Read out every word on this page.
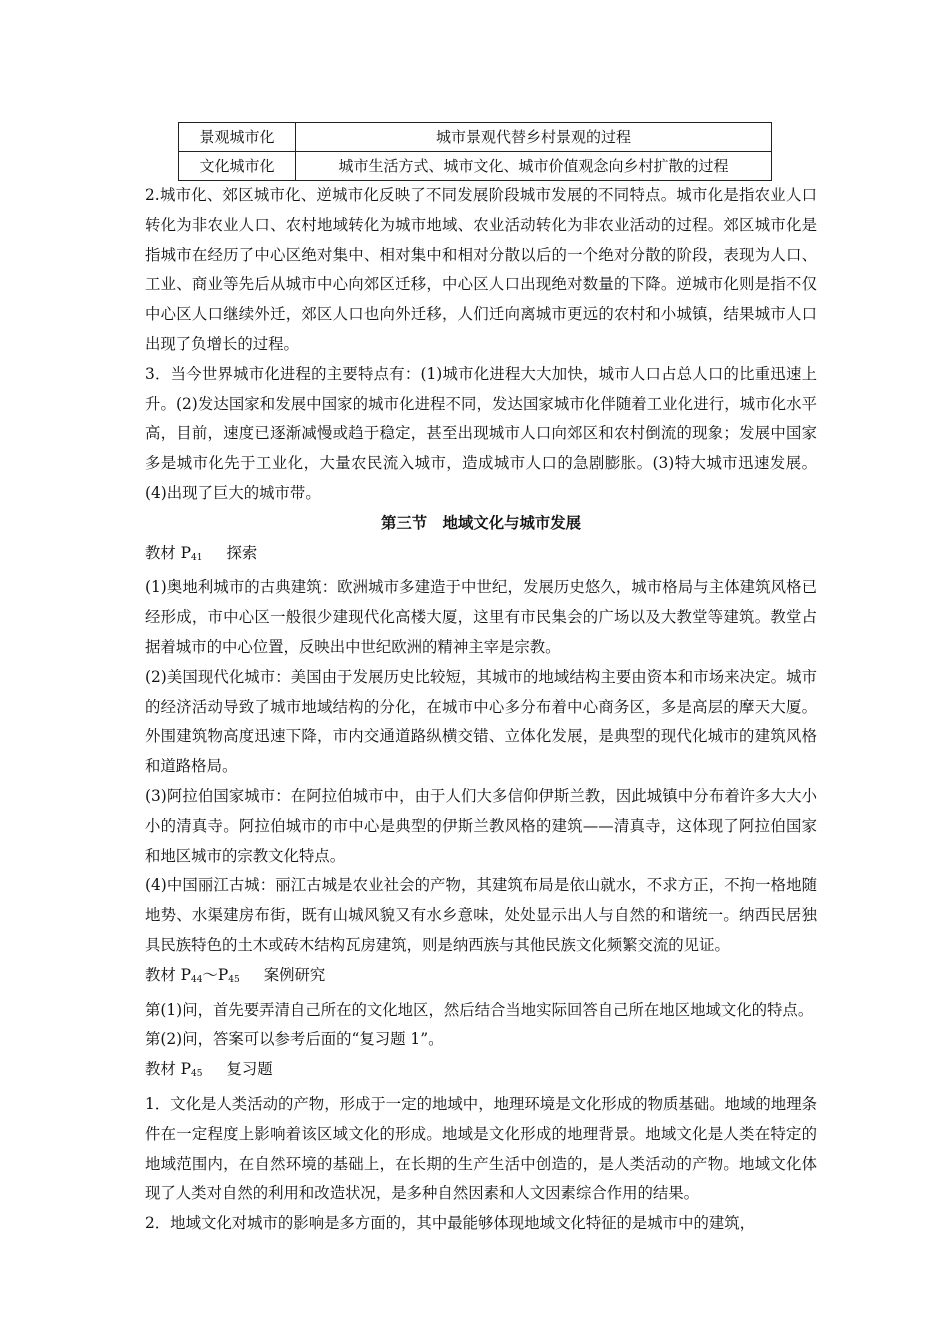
景观城市化	城市景观代替乡村景观的过程
文化城市化	城市生活方式、城市文化、城市价值观念向乡村扩散的过程

2.城市化、郊区城市化、逆城市化反映了不同发展阶段城市发展的不同特点。城市化是指农业人口转化为非农业人口、农村地域转化为城市地域、农业活动转化为非农业活动的过程。郊区城市化是指城市在经历了中心区绝对集中、相对集中和相对分散以后的一个绝对分散的阶段，表现为人口、工业、商业等先后从城市中心向郊区迁移，中心区人口出现绝对数量的下降。逆城市化则是指不仅中心区人口继续外迁，郊区人口也向外迁移，人们迁向离城市更远的农村和小城镇，结果城市人口出现了负增长的过程。

3．当今世界城市化进程的主要特点有：(1)城市化进程大大加快，城市人口占总人口的比重迅速上升。(2)发达国家和发展中国家的城市化进程不同，发达国家城市化伴随着工业化进行，城市化水平高，目前，速度已逐渐减慢或趋于稳定，甚至出现城市人口向郊区和农村倒流的现象；发展中国家多是城市化先于工业化，大量农民流入城市，造成城市人口的急剧膨胀。(3)特大城市迅速发展。(4)出现了巨大的城市带。

第三节　地域文化与城市发展
教材 $P_{41}$ 探索

(1)奥地利城市的古典建筑：欧洲城市多建造于中世纪，发展历史悠久，城市格局与主体建筑风格已经形成，市中心区一般很少建现代化高楼大厦，这里有市民集会的广场以及大教堂等建筑。教堂占据着城市的中心位置，反映出中世纪欧洲的精神主宰是宗教。

(2)美国现代化城市：美国由于发展历史比较短，其城市的地域结构主要由资本和市场来决定。城市的经济活动导致了城市地域结构的分化，在城市中心多分布着中心商务区，多是高层的摩天大厦。外围建筑物高度迅速下降，市内交通道路纵横交错、立体化发展，是典型的现代化城市的建筑风格和道路格局。

(3)阿拉伯国家城市：在阿拉伯城市中，由于人们大多信仰伊斯兰教，因此城镇中分布着许多大大小小的清真寺。阿拉伯城市的市中心是典型的伊斯兰教风格的建筑——清真寺，这体现了阿拉伯国家和地区城市的宗教文化特点。

(4)中国丽江古城：丽江古城是农业社会的产物，其建筑布局是依山就水，不求方正，不拘一格地随地势、水渠建房布街，既有山城风貌又有水乡意味，处处显示出人与自然的和谐统一。纳西民居独具民族特色的土木或砖木结构瓦房建筑，则是纳西族与其他民族文化频繁交流的见证。

教材 $P_{44}\sim P_{45}$ 案例研究

第(1)问，首先要弄清自己所在的文化地区，然后结合当地实际回答自己所在地区地域文化的特点。

第(2)问，答案可以参考后面的“复习题 1”。

教材 $P_{45}$ 复习题

1．文化是人类活动的产物，形成于一定的地域中，地理环境是文化形成的物质基础。地域的地理条件在一定程度上影响着该区域文化的形成。地域是文化形成的地理背景。地域文化是人类在特定的地域范围内，在自然环境的基础上，在长期的生产生活中创造的，是人类活动的产物。地域文化体现了人类对自然的利用和改造状况，是多种自然因素和人文因素综合作用的结果。

2．地域文化对城市的影响是多方面的，其中最能够体现地域文化特征的是城市中的建筑，
